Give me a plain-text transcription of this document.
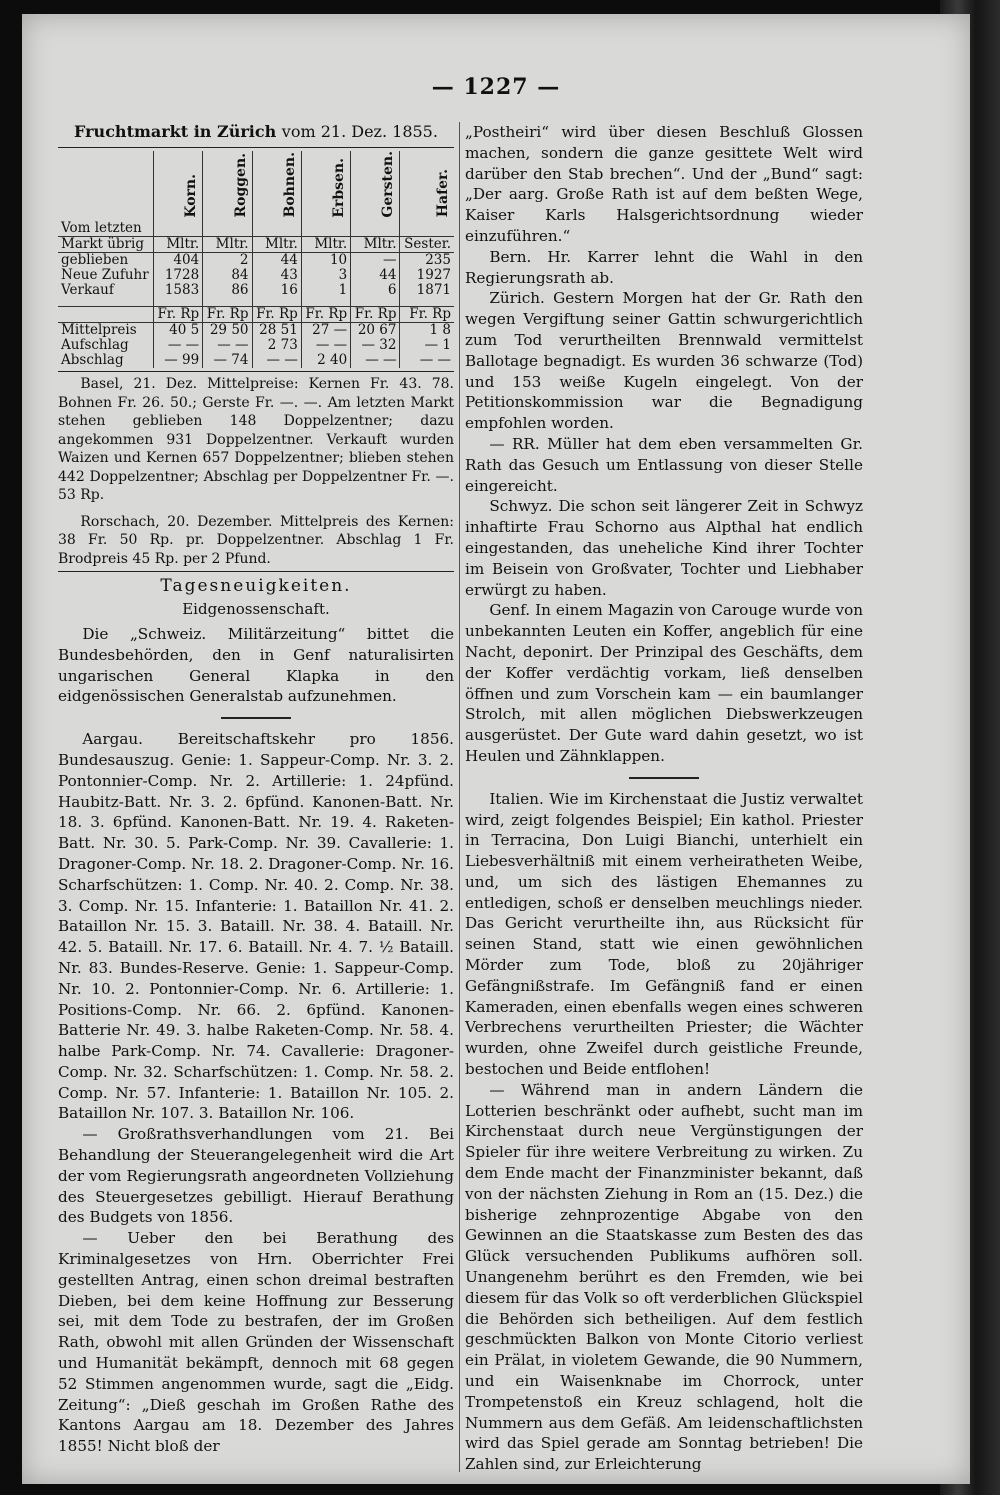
— 1227 —
Fruchtmarkt in Zürich vom 21. Dez. 1855.
	Korn.	Roggen.	Bohnen.	Erbsen.	Gersten.	Hafer.
Vom letzten						
Markt übrig	Mltr.	Mltr.	Mltr.	Mltr.	Mltr.	Sester.
geblieben	404	2	44	10	—	235
Neue Zufuhr	1728	84	43	3	44	1927
Verkauf	1583	86	16	1	6	1871

	Fr. Rp	Fr. Rp	Fr. Rp	Fr. Rp	Fr. Rp	Fr. Rp
Mittelpreis	40 5	29 50	28 51	27 —	20 67	1 8
Aufschlag	— —	— —	2 73	— —	— 32	— 1
Abschlag	— 99	— 74	— —	2 40	— —	— —

Basel, 21. Dez. Mittelpreise: Kernen Fr. 43. 78. Bohnen Fr. 26. 50.; Gerste Fr. —. —. Am letzten Markt stehen geblieben 148 Doppelzentner; dazu angekommen 931 Doppelzentner. Verkauft wurden Waizen und Kernen 657 Doppelzentner; blieben stehen 442 Doppelzentner; Abschlag per Doppelzentner Fr. —. 53 Rp.

Rorschach, 20. Dezember. Mittelpreis des Kernen: 38 Fr. 50 Rp. pr. Doppelzentner. Abschlag 1 Fr. Brodpreis 45 Rp. per 2 Pfund.

Tagesneuigkeiten.
Eidgenossenschaft.

Die „Schweiz. Militärzeitung“ bittet die Bundesbehörden, den in Genf naturalisirten ungarischen General Klapka in den eidgenössischen Generalstab aufzunehmen.

Aargau. Bereitschaftskehr pro 1856. Bundesauszug. Genie: 1. Sappeur-Comp. Nr. 3. 2. Pontonnier-Comp. Nr. 2. Artillerie: 1. 24pfünd. Haubitz-Batt. Nr. 3. 2. 6pfünd. Kanonen-Batt. Nr. 18. 3. 6pfünd. Kanonen-Batt. Nr. 19. 4. Raketen-Batt. Nr. 30. 5. Park-Comp. Nr. 39. Cavallerie: 1. Dragoner-Comp. Nr. 18. 2. Dragoner-Comp. Nr. 16. Scharfschützen: 1. Comp. Nr. 40. 2. Comp. Nr. 38. 3. Comp. Nr. 15. Infanterie: 1. Bataillon Nr. 41. 2. Bataillon Nr. 15. 3. Bataill. Nr. 38. 4. Bataill. Nr. 42. 5. Bataill. Nr. 17. 6. Bataill. Nr. 4. 7. ½ Bataill. Nr. 83. Bundes-Reserve. Genie: 1. Sappeur-Comp. Nr. 10. 2. Pontonnier-Comp. Nr. 6. Artillerie: 1. Positions-Comp. Nr. 66. 2. 6pfünd. Kanonen-Batterie Nr. 49. 3. halbe Raketen-Comp. Nr. 58. 4. halbe Park-Comp. Nr. 74. Cavallerie: Dragoner-Comp. Nr. 32. Scharfschützen: 1. Comp. Nr. 58. 2. Comp. Nr. 57. Infanterie: 1. Bataillon Nr. 105. 2. Bataillon Nr. 107. 3. Bataillon Nr. 106.

— Großrathsverhandlungen vom 21. Bei Behandlung der Steuerangelegenheit wird die Art der vom Regierungsrath angeordneten Vollziehung des Steuergesetzes gebilligt. Hierauf Berathung des Budgets von 1856.

— Ueber den bei Berathung des Kriminalgesetzes von Hrn. Oberrichter Frei gestellten Antrag, einen schon dreimal bestraften Dieben, bei dem keine Hoffnung zur Besserung sei, mit dem Tode zu bestrafen, der im Großen Rath, obwohl mit allen Gründen der Wissenschaft und Humanität bekämpft, dennoch mit 68 gegen 52 Stimmen angenommen wurde, sagt die „Eidg. Zeitung“: „Dieß geschah im Großen Rathe des Kantons Aargau am 18. Dezember des Jahres 1855! Nicht bloß der

„Postheiri“ wird über diesen Beschluß Glossen machen, sondern die ganze gesittete Welt wird darüber den Stab brechen“. Und der „Bund“ sagt: „Der aarg. Große Rath ist auf dem beßten Wege, Kaiser Karls Halsgerichtsordnung wieder einzuführen.“

Bern. Hr. Karrer lehnt die Wahl in den Regierungsrath ab.

Zürich. Gestern Morgen hat der Gr. Rath den wegen Vergiftung seiner Gattin schwurgerichtlich zum Tod verurtheilten Brennwald vermittelst Ballotage begnadigt. Es wurden 36 schwarze (Tod) und 153 weiße Kugeln eingelegt. Von der Petitionskommission war die Begnadigung empfohlen worden.

— RR. Müller hat dem eben versammelten Gr. Rath das Gesuch um Entlassung von dieser Stelle eingereicht.

Schwyz. Die schon seit längerer Zeit in Schwyz inhaftirte Frau Schorno aus Alpthal hat endlich eingestanden, das uneheliche Kind ihrer Tochter im Beisein von Großvater, Tochter und Liebhaber erwürgt zu haben.

Genf. In einem Magazin von Carouge wurde von unbekannten Leuten ein Koffer, angeblich für eine Nacht, deponirt. Der Prinzipal des Geschäfts, dem der Koffer verdächtig vorkam, ließ denselben öffnen und zum Vorschein kam — ein baumlanger Strolch, mit allen möglichen Diebswerkzeugen ausgerüstet. Der Gute ward dahin gesetzt, wo ist Heulen und Zähnklappen.

Italien. Wie im Kirchenstaat die Justiz verwaltet wird, zeigt folgendes Beispiel; Ein kathol. Priester in Terracina, Don Luigi Bianchi, unterhielt ein Liebesverhältniß mit einem verheiratheten Weibe, und, um sich des lästigen Ehemannes zu entledigen, schoß er denselben meuchlings nieder. Das Gericht verurtheilte ihn, aus Rücksicht für seinen Stand, statt wie einen gewöhnlichen Mörder zum Tode, bloß zu 20jähriger Gefängnißstrafe. Im Gefängniß fand er einen Kameraden, einen ebenfalls wegen eines schweren Verbrechens verurtheilten Priester; die Wächter wurden, ohne Zweifel durch geistliche Freunde, bestochen und Beide entflohen!

— Während man in andern Ländern die Lotterien beschränkt oder aufhebt, sucht man im Kirchenstaat durch neue Vergünstigungen der Spieler für ihre weitere Verbreitung zu wirken. Zu dem Ende macht der Finanzminister bekannt, daß von der nächsten Ziehung in Rom an (15. Dez.) die bisherige zehnprozentige Abgabe von den Gewinnen an die Staatskasse zum Besten des das Glück versuchenden Publikums aufhören soll. Unangenehm berührt es den Fremden, wie bei diesem für das Volk so oft verderblichen Glückspiel die Behörden sich betheiligen. Auf dem festlich geschmückten Balkon von Monte Citorio verliest ein Prälat, in violetem Gewande, die 90 Nummern, und ein Waisenknabe im Chorrock, unter Trompetenstoß ein Kreuz schlagend, holt die Nummern aus dem Gefäß. Am leidenschaftlichsten wird das Spiel gerade am Sonntag betrieben! Die Zahlen sind, zur Erleichterung
